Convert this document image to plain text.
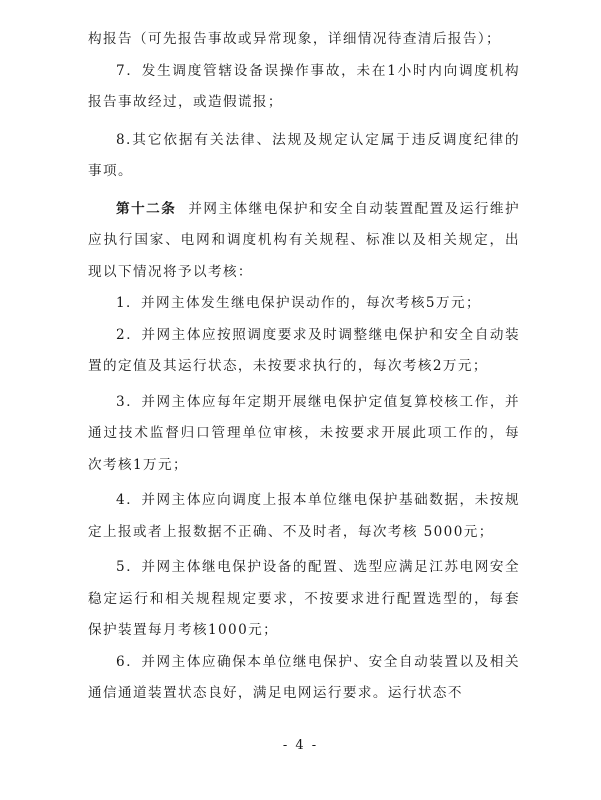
构报告（可先报告事故或异常现象，详细情况待查清后报告）；

7．发生调度管辖设备误操作事故，未在1小时内向调度机构报告事故经过，或造假谎报；

8.其它依据有关法律、法规及规定认定属于违反调度纪律的事项。

第十二条 并网主体继电保护和安全自动装置配置及运行维护应执行国家、电网和调度机构有关规程、标准以及相关规定，出现以下情况将予以考核：

1．并网主体发生继电保护误动作的，每次考核5万元；

2．并网主体应按照调度要求及时调整继电保护和安全自动装置的定值及其运行状态，未按要求执行的，每次考核2万元；

3．并网主体应每年定期开展继电保护定值复算校核工作，并通过技术监督归口管理单位审核，未按要求开展此项工作的，每次考核1万元；

4．并网主体应向调度上报本单位继电保护基础数据，未按规定上报或者上报数据不正确、不及时者，每次考核 5000元；

5．并网主体继电保护设备的配置、选型应满足江苏电网安全稳定运行和相关规程规定要求，不按要求进行配置选型的，每套保护装置每月考核1000元；

6．并网主体应确保本单位继电保护、安全自动装置以及相关通信通道装置状态良好，满足电网运行要求。运行状态不

- 4 -
